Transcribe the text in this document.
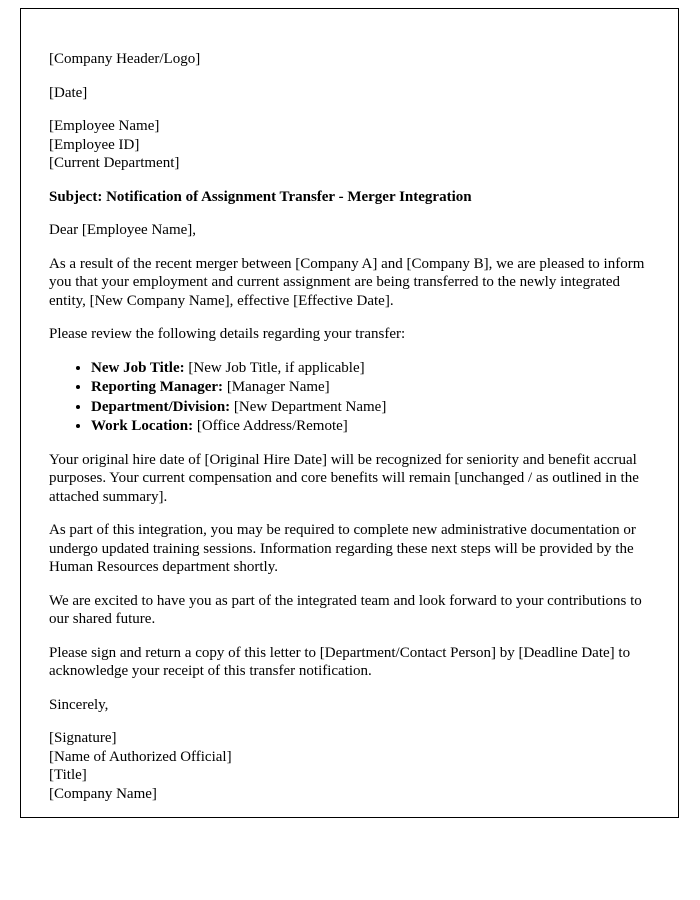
[Company Header/Logo]

[Date]

[Employee Name]
[Employee ID]
[Current Department]

Subject: Notification of Assignment Transfer - Merger Integration

Dear [Employee Name],

As a result of the recent merger between [Company A] and [Company B], we are pleased to inform you that your employment and current assignment are being transferred to the newly integrated entity, [New Company Name], effective [Effective Date].

Please review the following details regarding your transfer:

• New Job Title: [New Job Title, if applicable]
• Reporting Manager: [Manager Name]
• Department/Division: [New Department Name]
• Work Location: [Office Address/Remote]

Your original hire date of [Original Hire Date] will be recognized for seniority and benefit accrual purposes. Your current compensation and core benefits will remain [unchanged / as outlined in the attached summary].

As part of this integration, you may be required to complete new administrative documentation or undergo updated training sessions. Information regarding these next steps will be provided by the Human Resources department shortly.

We are excited to have you as part of the integrated team and look forward to your contributions to our shared future.

Please sign and return a copy of this letter to [Department/Contact Person] by [Deadline Date] to acknowledge your receipt of this transfer notification.

Sincerely,

[Signature]
[Name of Authorized Official]
[Title]
[Company Name]
